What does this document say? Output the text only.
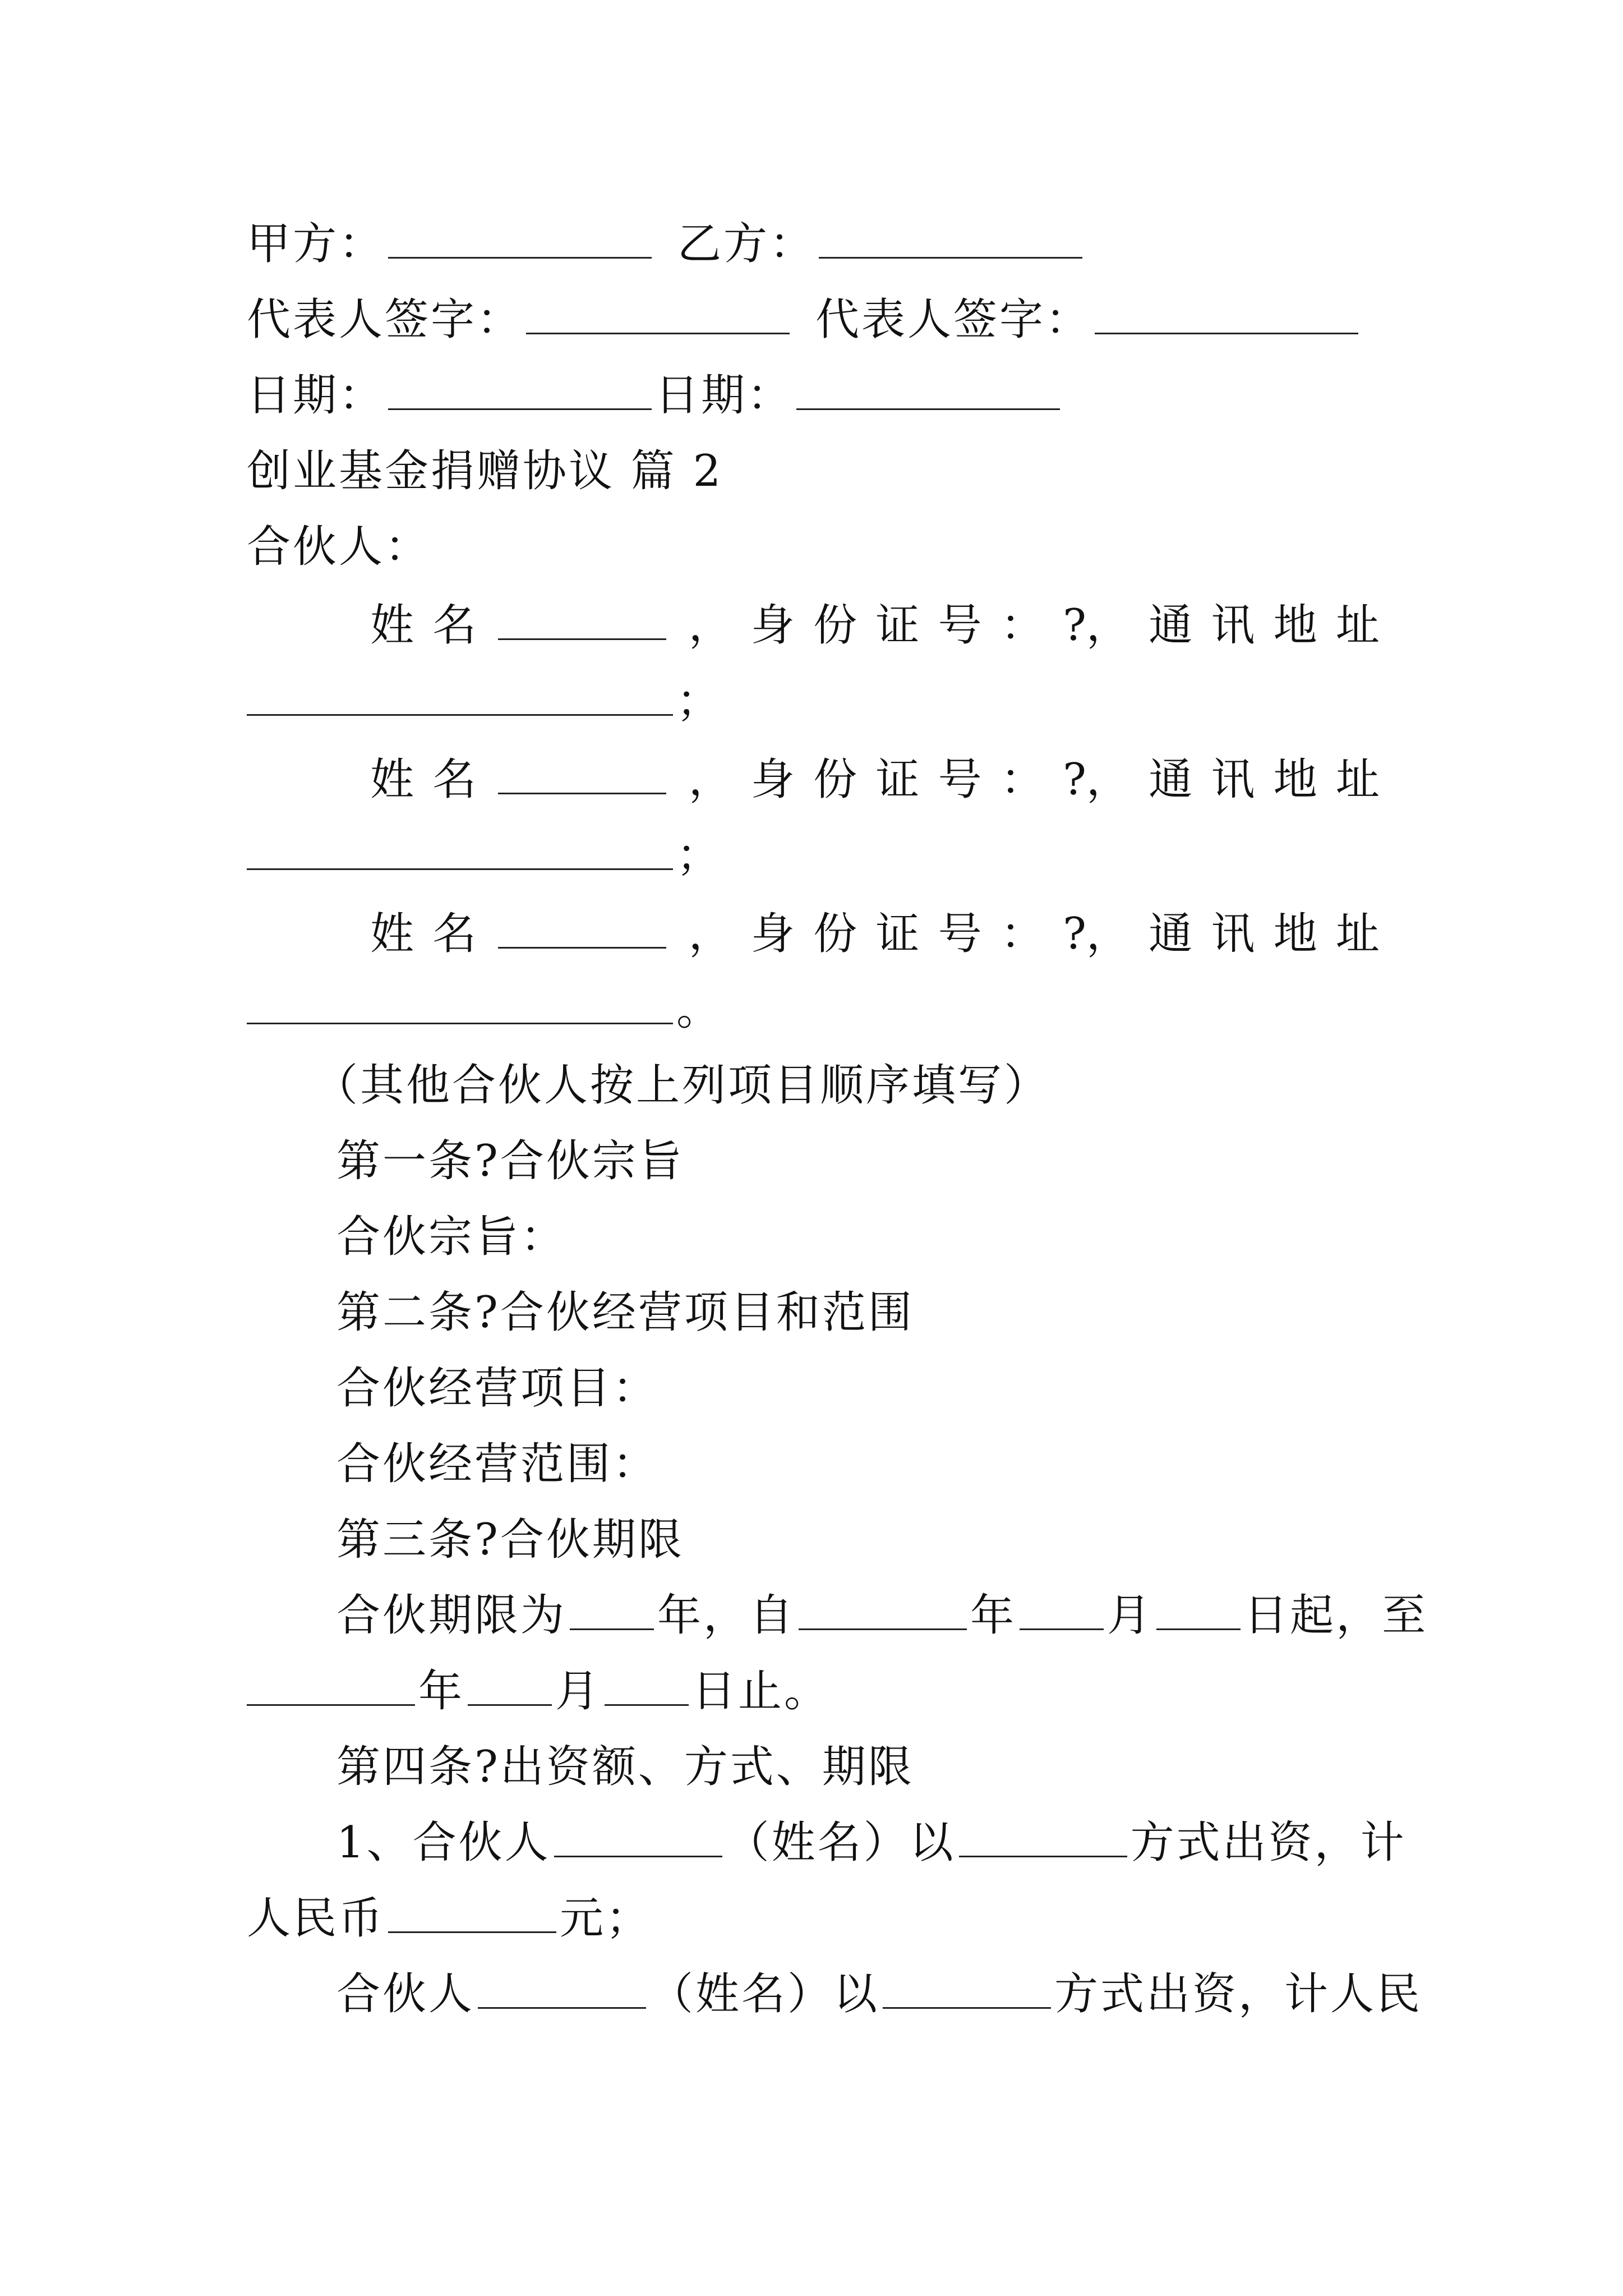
甲方：	乙方：
代表人签字：	代表人签字：
日期：	日期：
创业基金捐赠协议 篇 2
合伙人：
姓 名	， 身 份 证 号 ： ?， 通 讯 地 址
；
姓 名	， 身 份 证 号 ： ?， 通 讯 地 址
；
姓 名	， 身 份 证 号 ： ?， 通 讯 地 址
。
（其他合伙人按上列项目顺序填写）
第一条?合伙宗旨
合伙宗旨：
第二条?合伙经营项目和范围
合伙经营项目：
合伙经营范围：
第三条?合伙期限
合伙期限为 年，自	年 月 日起，至
年 月 日止。
第四条?出资额、方式、期限
1、合伙人	（姓名）以	方式出资，计
人民币	元；
合伙人	（姓名）以	方式出资，计人民
